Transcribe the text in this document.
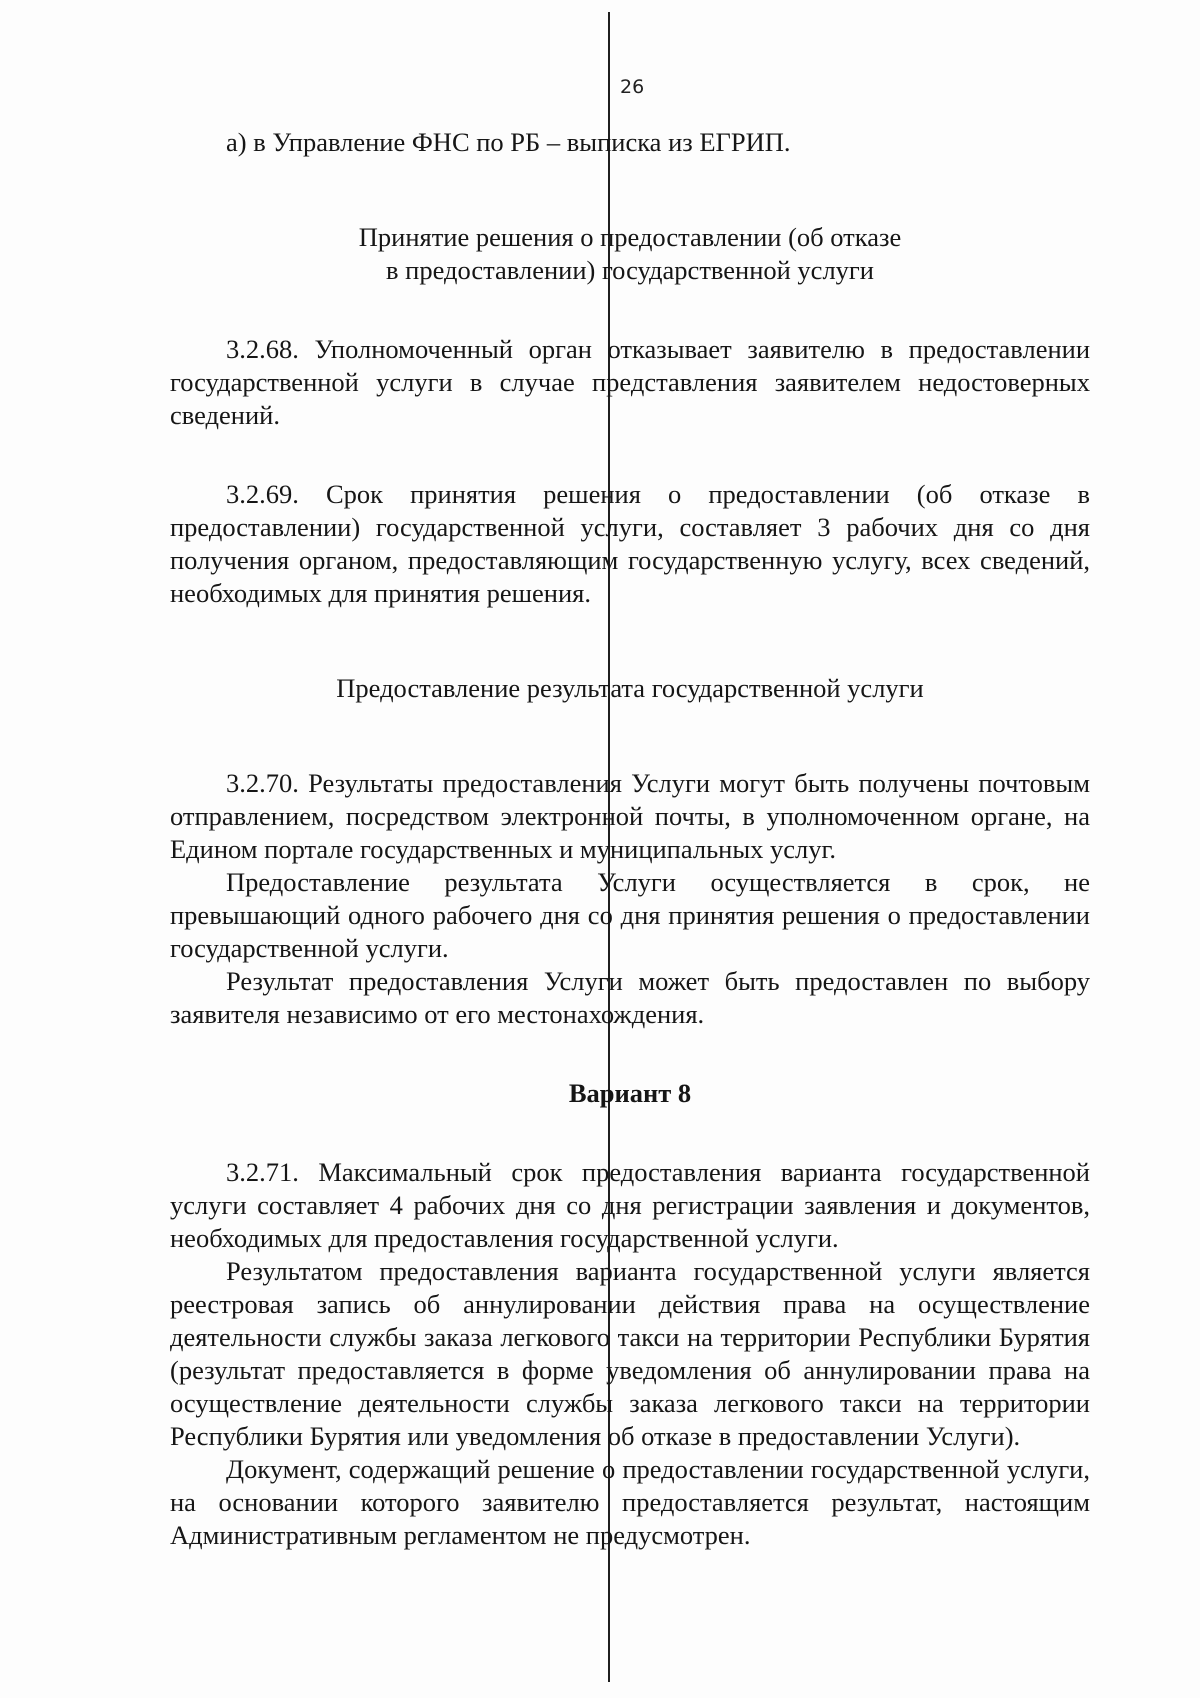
26

а) в Управление ФНС по РБ – выписка из ЕГРИП.

Принятие решения о предоставлении (об отказе

в предоставлении) государственной услуги

3.2.68. Уполномоченный орган отказывает заявителю в предоставлении государственной услуги в случае представления заявителем недостоверных сведений.

3.2.69. Срок принятия решения о предоставлении (об отказе в предоставлении) государственной услуги, составляет 3 рабочих дня со дня получения органом, предоставляющим государственную услугу, всех сведений, необходимых для принятия решения.

Предоставление результата государственной услуги

3.2.70. Результаты предоставления Услуги могут быть получены почтовым отправлением, посредством электронной почты, в уполномоченном органе, на Едином портале государственных и муниципальных услуг.

Предоставление результата Услуги осуществляется в срок, не превышающий одного рабочего дня со дня принятия решения о предоставлении государственной услуги.

Результат предоставления Услуги может быть предоставлен по выбору заявителя независимо от его местонахождения.

Вариант 8

3.2.71. Максимальный срок предоставления варианта государственной услуги составляет 4 рабочих дня со дня регистрации заявления и документов, необходимых для предоставления государственной услуги.

Результатом предоставления варианта государственной услуги является реестровая запись об аннулировании действия права на осуществление деятельности службы заказа легкового такси на территории Республики Бурятия (результат предоставляется в форме уведомления об аннулировании права на осуществление деятельности службы заказа легкового такси на территории Республики Бурятия или уведомления об отказе в предоставлении Услуги).

Документ, содержащий решение о предоставлении государственной услуги, на основании которого заявителю предоставляется результат, настоящим Административным регламентом не предусмотрен.
